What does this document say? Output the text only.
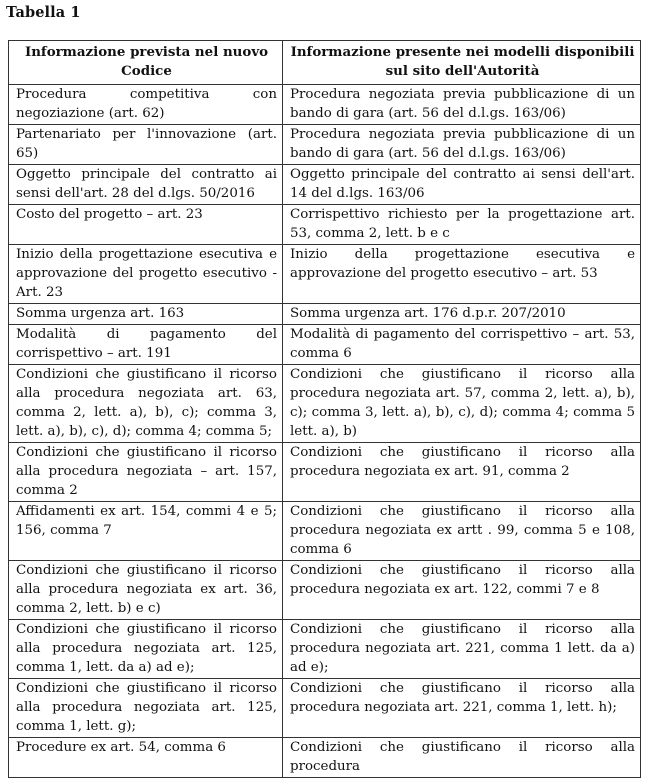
Tabella 1
Informazione prevista nel nuovo Codice	Informazione presente nei modelli disponibili sul sito dell'Autorità
Procedura competitiva con negoziazione (art. 62)	Procedura negoziata previa pubblicazione di un bando di gara (art. 56 del d.l.gs. 163/06)
Partenariato per l'innovazione (art. 65)	Procedura negoziata previa pubblicazione di un bando di gara (art. 56 del d.l.gs. 163/06)
Oggetto principale del contratto ai sensi dell'art. 28 del d.lgs. 50/2016	Oggetto principale del contratto ai sensi dell'art. 14 del d.lgs. 163/06
Costo del progetto – art. 23	Corrispettivo richiesto per la progettazione art. 53, comma 2, lett. b e c
Inizio della progettazione esecutiva e approvazione del progetto esecutivo - Art. 23	Inizio della progettazione esecutiva e approvazione del progetto esecutivo – art. 53
Somma urgenza art. 163	Somma urgenza art. 176 d.p.r. 207/2010
Modalità di pagamento del corrispettivo – art. 191	Modalità di pagamento del corrispettivo – art. 53, comma 6
Condizioni che giustificano il ricorso alla procedura negoziata art. 63, comma 2, lett. a), b), c); comma 3, lett. a), b), c), d); comma 4; comma 5;	Condizioni che giustificano il ricorso alla procedura negoziata art. 57, comma 2, lett. a), b), c); comma 3, lett. a), b), c), d); comma 4; comma 5 lett. a), b)
Condizioni che giustificano il ricorso alla procedura negoziata – art. 157, comma 2	Condizioni che giustificano il ricorso alla procedura negoziata ex art. 91, comma 2
Affidamenti ex art. 154, commi 4 e 5; 156, comma 7	Condizioni che giustificano il ricorso alla procedura negoziata ex artt . 99, comma 5 e 108, comma 6
Condizioni che giustificano il ricorso alla procedura negoziata ex art. 36, comma 2, lett. b) e c)	Condizioni che giustificano il ricorso alla procedura negoziata ex art. 122, commi 7 e 8
Condizioni che giustificano il ricorso alla procedura negoziata art. 125, comma 1, lett. da a) ad e);	Condizioni che giustificano il ricorso alla procedura negoziata art. 221, comma 1 lett. da a) ad e);
Condizioni che giustificano il ricorso alla procedura negoziata art. 125, comma 1, lett. g);	Condizioni che giustificano il ricorso alla procedura negoziata art. 221, comma 1, lett. h);
Procedure ex art. 54, comma 6	Condizioni che giustificano il ricorso alla procedura
